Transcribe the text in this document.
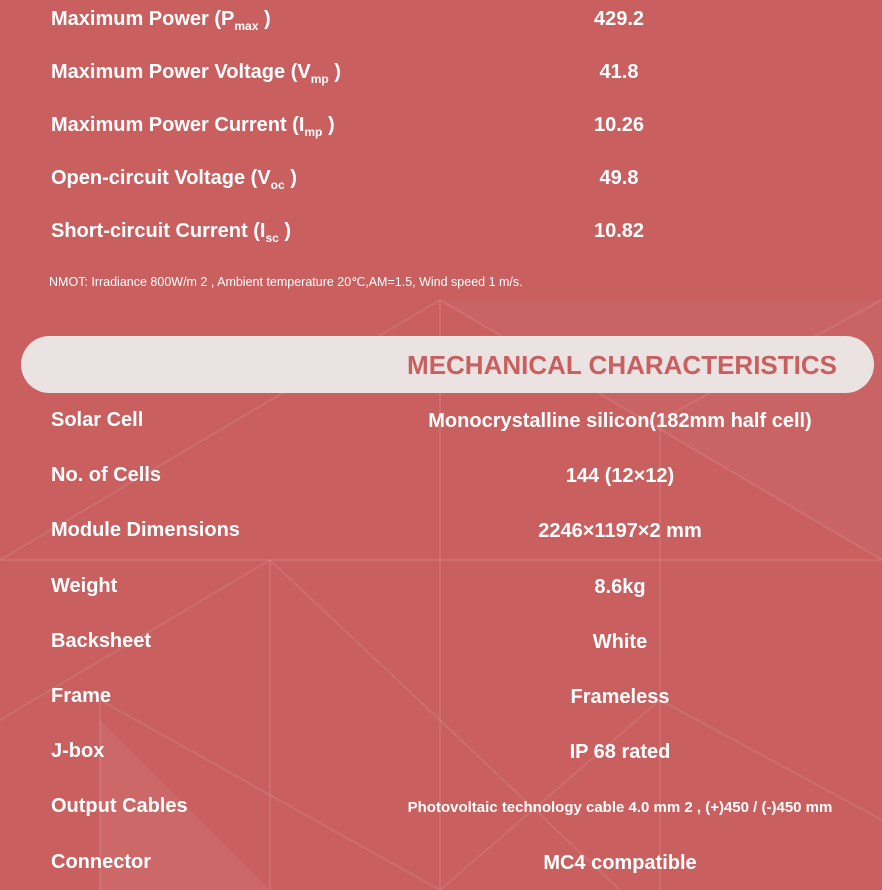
Maximum Power ($P_{max}$ )	429.2
Maximum Power Voltage ($V_{mp}$ )	41.8
Maximum Power Current ($I_{mp}$ )	10.26
Open-circuit Voltage ($V_{oc}$ )	49.8
Short-circuit Current ($I_{sc}$ )	10.82
NMOT: Irradiance 800W/m 2 , Ambient temperature 20℃,AM=1.5, Wind speed 1 m/s.
MECHANICAL CHARACTERISTICS
Solar Cell	Monocrystalline silicon(182mm half cell)
No. of Cells	144 (12×12)
Module Dimensions	2246×1197×2 mm
Weight	8.6kg
Backsheet	White
Frame	Frameless
J-box	IP 68 rated
Output Cables	Photovoltaic technology cable 4.0 mm 2 , (+)450 / (-)450 mm
Connector	MC4 compatible
